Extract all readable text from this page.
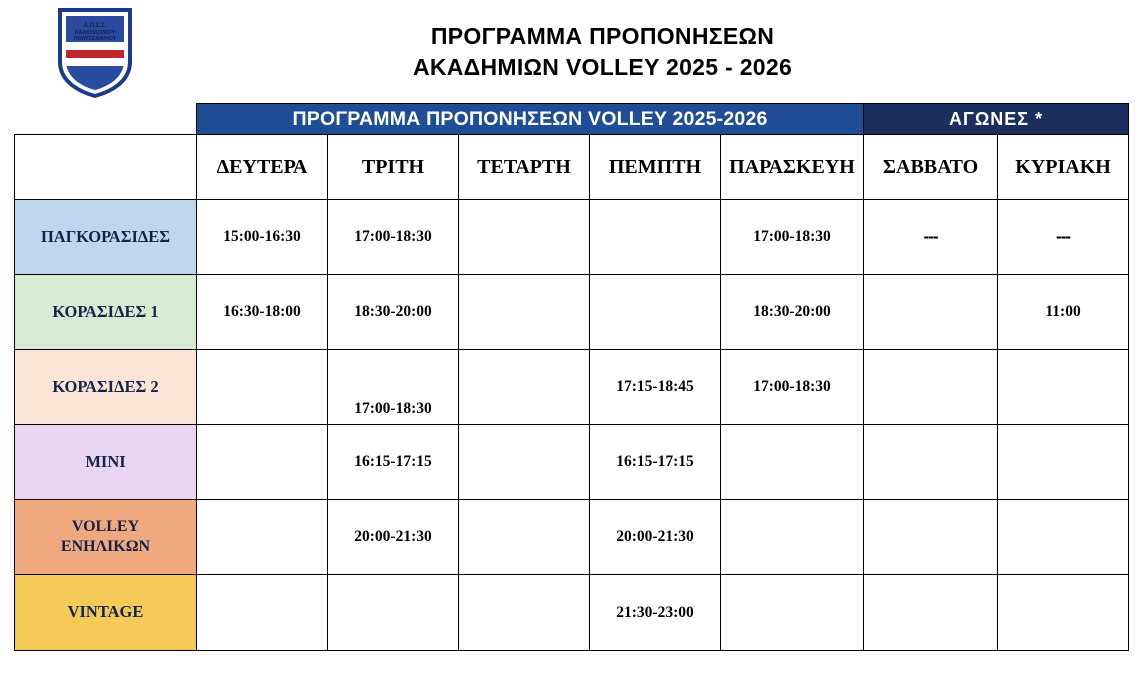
Α.Π.Σ.Σ.
ΧΑΛΚΗΔΟΝΙΟΥ
ΠΟΛΥΣΕΝΑΡΙΟΥ	ΠΡΟΓΡΑΜΜΑ ΠΡΟΠΟΝΗΣΕΩΝ
ΑΚΑΔΗΜΙΩΝ VOLLEY 2025 - 2026
	ΠΡΟΓΡΑΜΜΑ ΠΡΟΠΟΝΗΣΕΩΝ VOLLEY 2025-2026					ΑΓΩΝΕΣ *	
	ΔΕΥΤΕΡΑ	ΤΡΙΤΗ	ΤΕΤΑΡΤΗ	ΠΕΜΠΤΗ	ΠΑΡΑΣΚΕΥΗ	ΣΑΒΒΑΤΟ	ΚΥΡΙΑΚΗ
ΠΑΓΚΟΡΑΣΙΔΕΣ	15:00-16:30	17:00-18:30			17:00-18:30	---	---
ΚΟΡΑΣΙΔΕΣ 1	16:30-18:00	18:30-20:00			18:30-20:00		11:00
ΚΟΡΑΣΙΔΕΣ 2		17:00-18:30		17:15-18:45	17:00-18:30		
MINI		16:15-17:15		16:15-17:15			

VOLLEY
ΕΝΗΛΙΚΩΝ		20:00-21:30		20:00-21:30			
VINTAGE				21:30-23:00			
